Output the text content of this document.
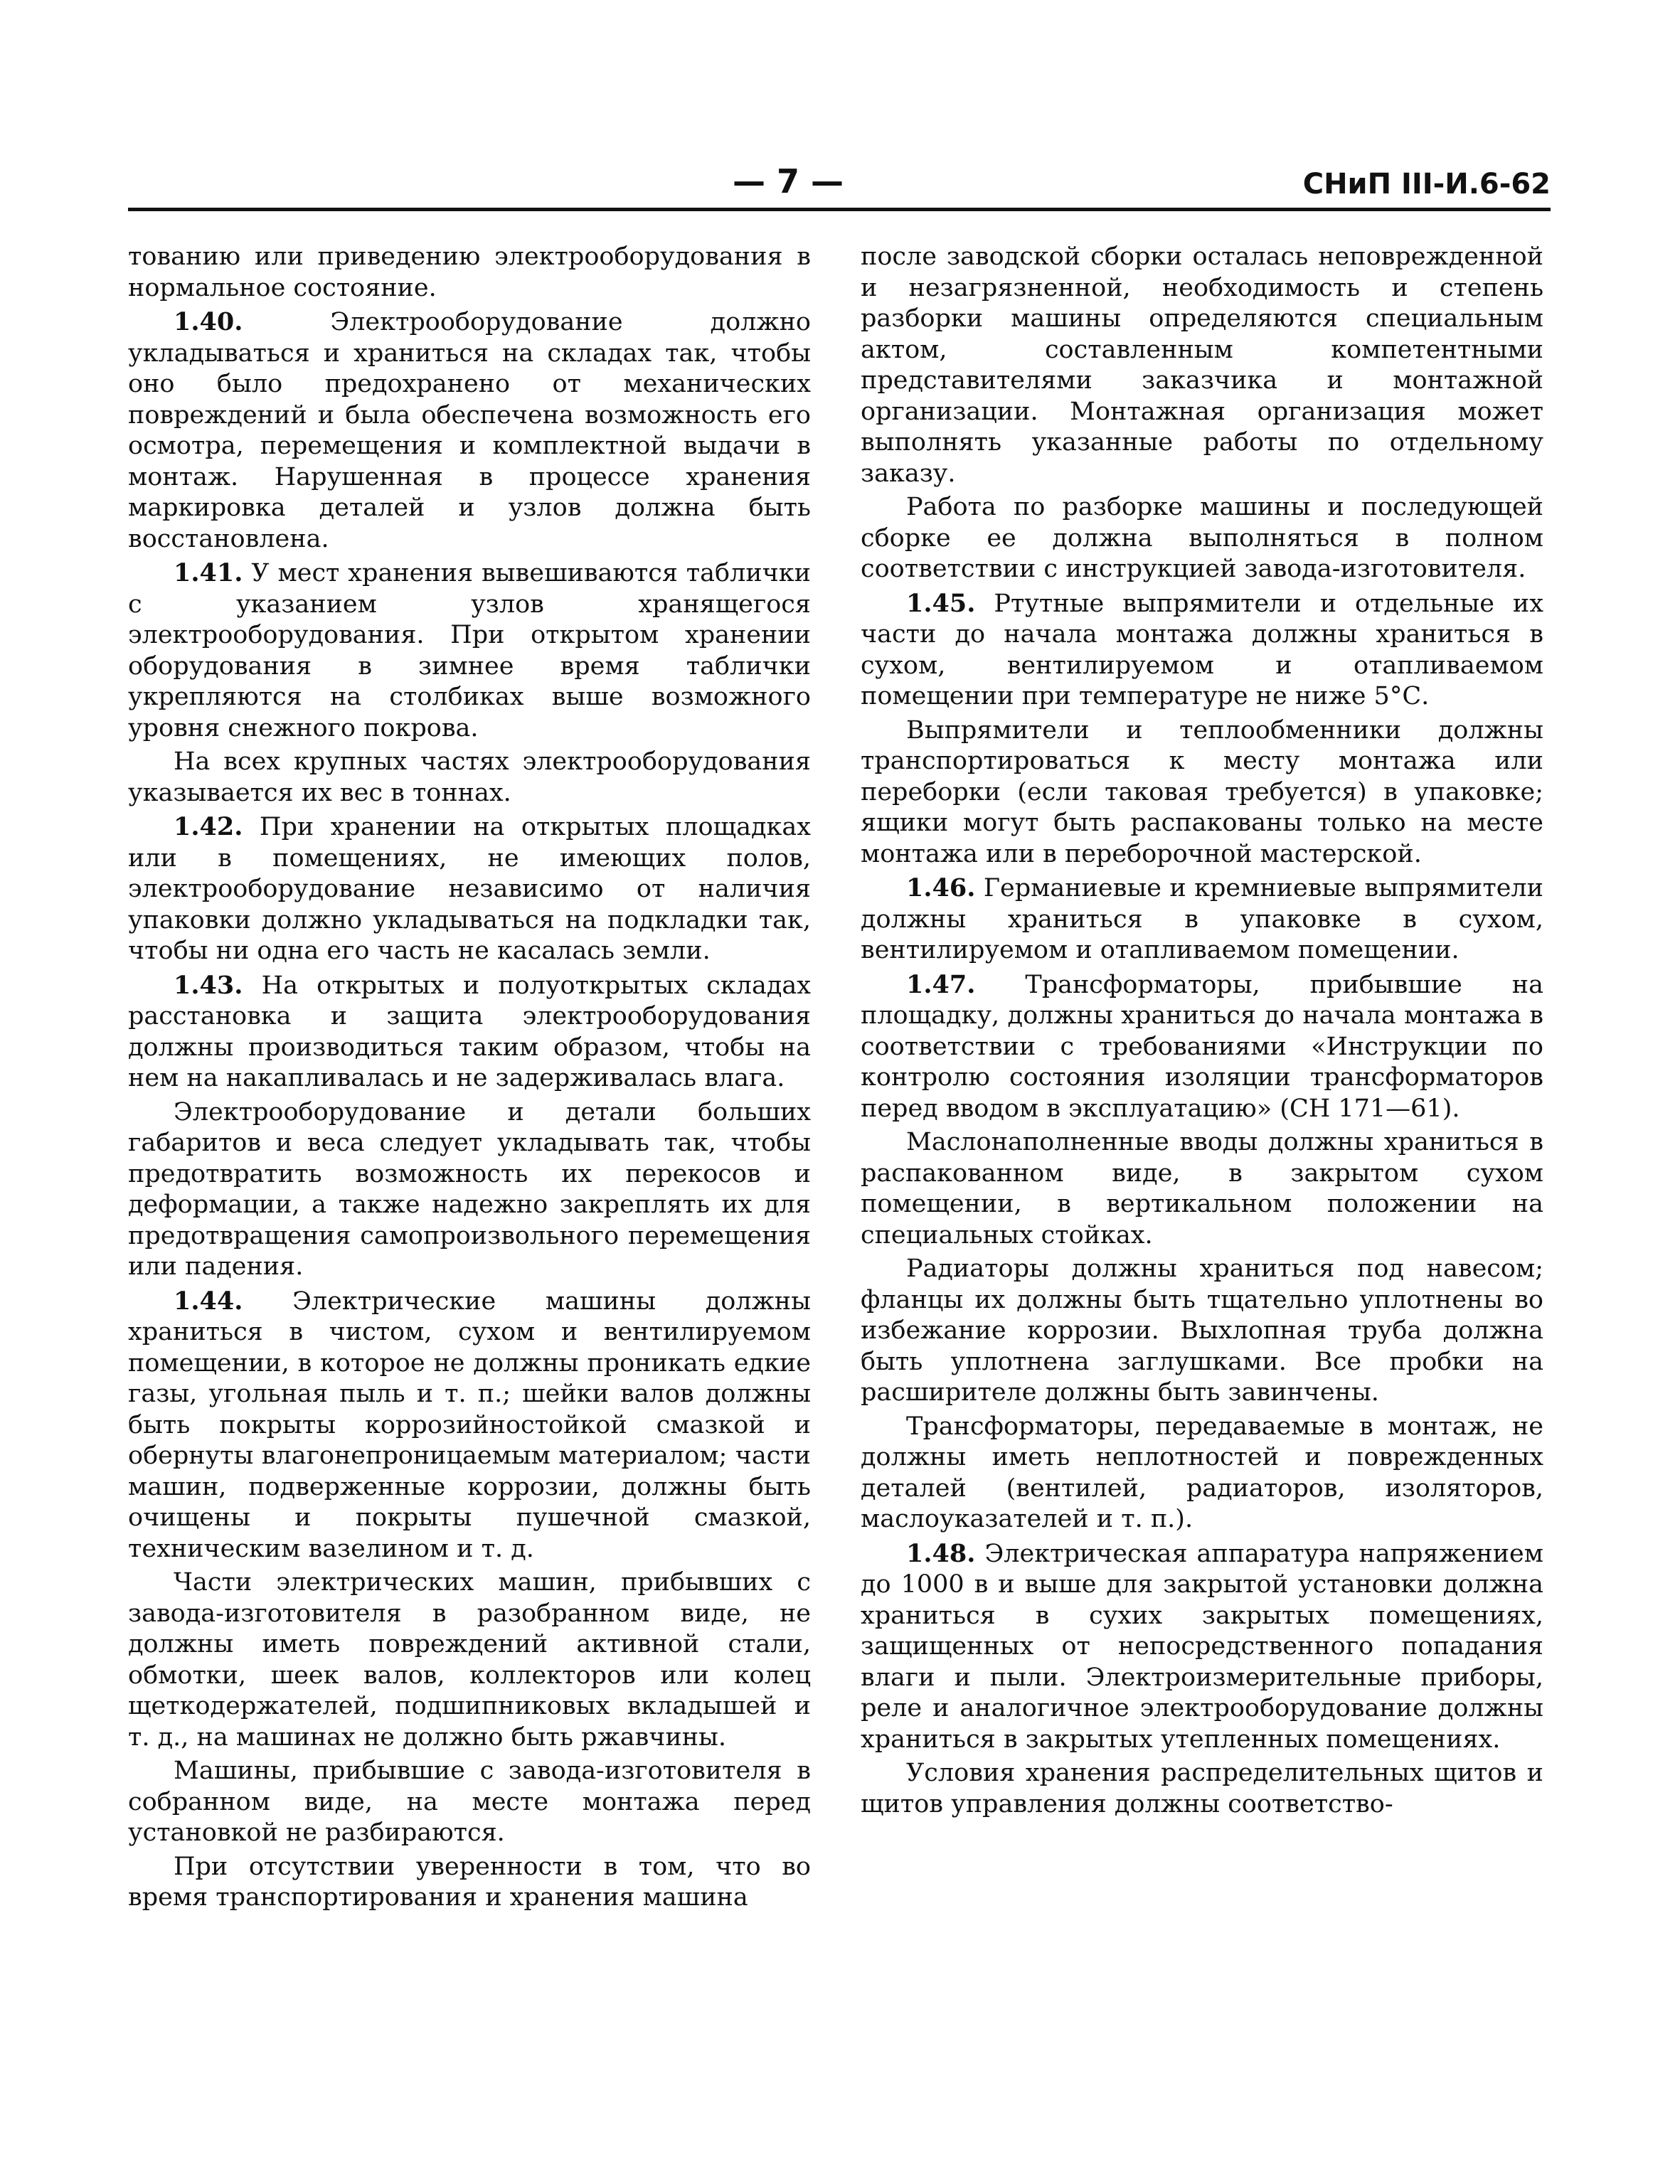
— 7 —	СНиП III-И.6-62

тованию или приведению электрооборудования в нормальное состояние.

1.40. Электрооборудование должно укладываться и храниться на складах так, чтобы оно было предохранено от механических повреждений и была обеспечена возможность его осмотра, перемещения и комплектной выдачи в монтаж. Нарушенная в процессе хранения маркировка деталей и узлов должна быть восстановлена.

1.41. У мест хранения вывешиваются таблички с указанием узлов хранящегося электрооборудования. При открытом хранении оборудования в зимнее время таблички укрепляются на столбиках выше возможного уровня снежного покрова.

На всех крупных частях электрооборудования указывается их вес в тоннах.

1.42. При хранении на открытых площадках или в помещениях, не имеющих полов, электрооборудование независимо от наличия упаковки должно укладываться на подкладки так, чтобы ни одна его часть не касалась земли.

1.43. На открытых и полуоткрытых складах расстановка и защита электрооборудования должны производиться таким образом, чтобы на нем на накапливалась и не задерживалась влага.

Электрооборудование и детали больших габаритов и веса следует укладывать так, чтобы предотвратить возможность их перекосов и деформации, а также надежно закреплять их для предотвращения самопроизвольного перемещения или падения.

1.44. Электрические машины должны храниться в чистом, сухом и вентилируемом помещении, в которое не должны проникать едкие газы, угольная пыль и т. п.; шейки валов должны быть покрыты коррозийностойкой смазкой и обернуты влагонепроницаемым материалом; части машин, подверженные коррозии, должны быть очищены и покрыты пушечной смазкой, техническим вазелином и т. д.

Части электрических машин, прибывших с завода-изготовителя в разобранном виде, не должны иметь повреждений активной стали, обмотки, шеек валов, коллекторов или колец щеткодержателей, подшипниковых вкладышей и т. д., на машинах не должно быть ржавчины.

Машины, прибывшие с завода-изготовителя в собранном виде, на месте монтажа перед установкой не разбираются.

При отсутствии уверенности в том, что во время транспортирования и хранения машина

после заводской сборки осталась неповрежденной и незагрязненной, необходимость и степень разборки машины определяются специальным актом, составленным компетентными представителями заказчика и монтажной организации. Монтажная организация может выполнять указанные работы по отдельному заказу.

Работа по разборке машины и последующей сборке ее должна выполняться в полном соответствии с инструкцией завода-изготовителя.

1.45. Ртутные выпрямители и отдельные их части до начала монтажа должны храниться в сухом, вентилируемом и отапливаемом помещении при температуре не ниже 5°С.

Выпрямители и теплообменники должны транспортироваться к месту монтажа или переборки (если таковая требуется) в упаковке; ящики могут быть распакованы только на месте монтажа или в переборочной мастерской.

1.46. Германиевые и кремниевые выпрямители должны храниться в упаковке в сухом, вентилируемом и отапливаемом помещении.

1.47. Трансформаторы, прибывшие на площадку, должны храниться до начала монтажа в соответствии с требованиями «Инструкции по контролю состояния изоляции трансформаторов перед вводом в эксплуатацию» (СН 171—61).

Маслонаполненные вводы должны храниться в распакованном виде, в закрытом сухом помещении, в вертикальном положении на специальных стойках.

Радиаторы должны храниться под навесом; фланцы их должны быть тщательно уплотнены во избежание коррозии. Выхлопная труба должна быть уплотнена заглушками. Все пробки на расширителе должны быть завинчены.

Трансформаторы, передаваемые в монтаж, не должны иметь неплотностей и поврежденных деталей (вентилей, радиаторов, изоляторов, маслоуказателей и т. п.).

1.48. Электрическая аппаратура напряжением до 1000 в и выше для закрытой установки должна храниться в сухих закрытых помещениях, защищенных от непосредственного попадания влаги и пыли. Электроизмерительные приборы, реле и аналогичное электрооборудование должны храниться в закрытых утепленных помещениях.

Условия хранения распределительных щитов и щитов управления должны соответство-
